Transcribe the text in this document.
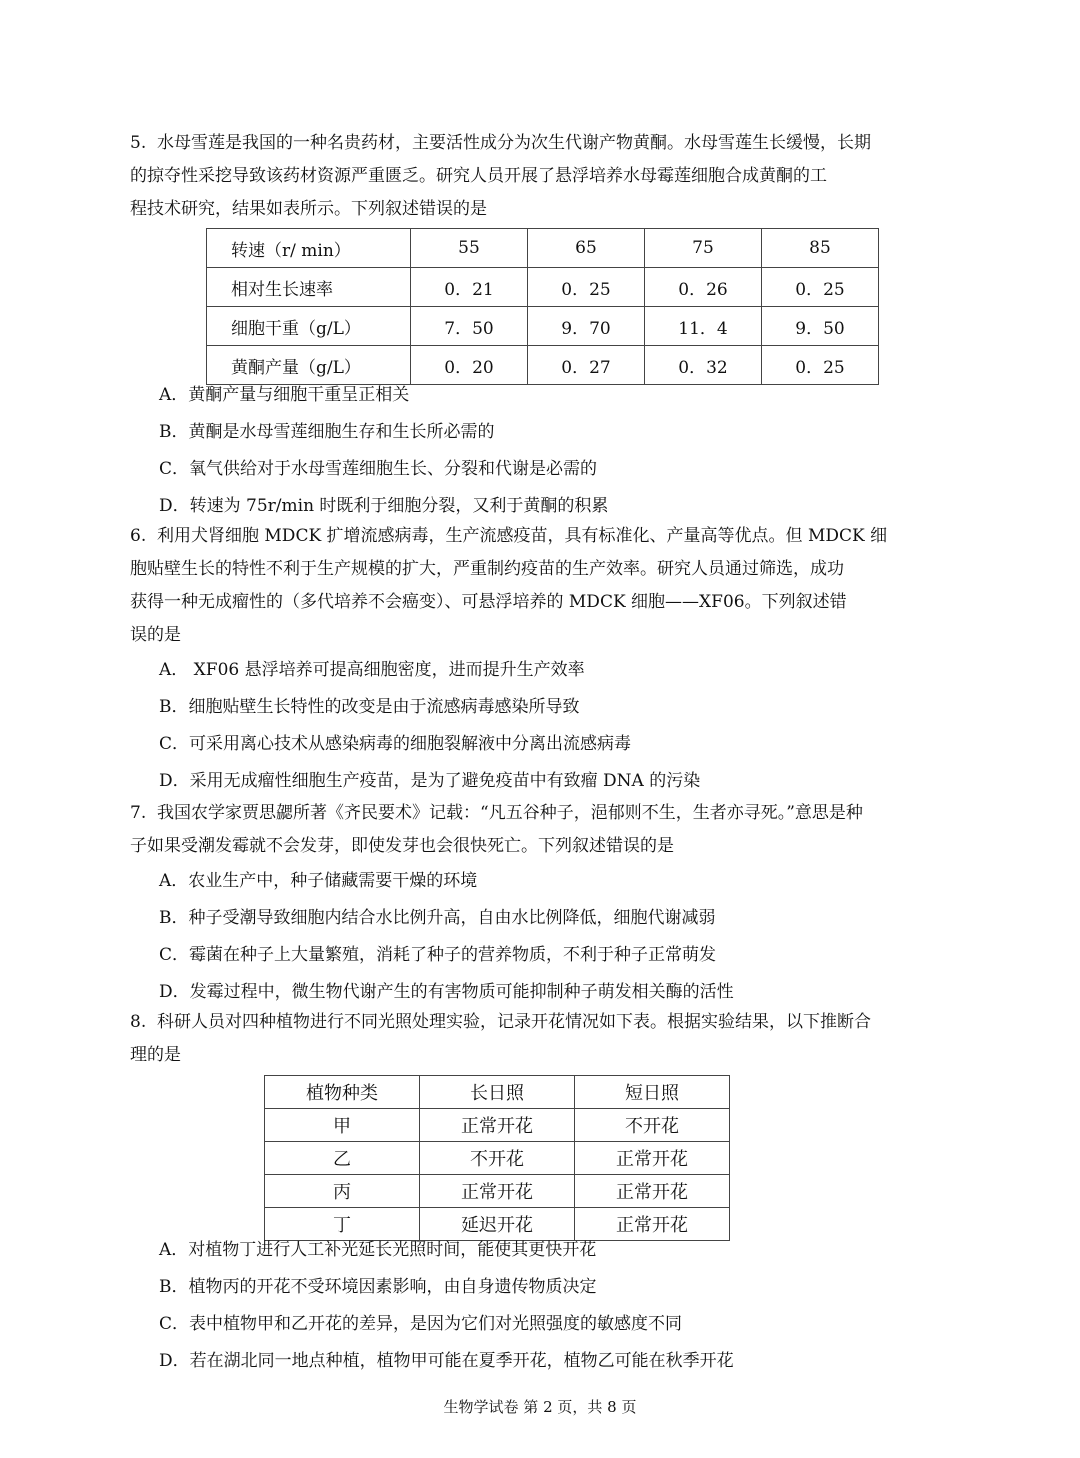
5. 水母雪莲是我国的一种名贵药材，主要活性成分为次生代谢产物黄酮。水母雪莲生长缓慢，长期
的掠夺性采挖导致该药材资源严重匮乏。研究人员开展了悬浮培养水母霉莲细胞合成黄酮的工
程技术研究，结果如表所示。下列叙述错误的是
转速（r/ min）	55	65	75	85
相对生长速率	0．21	0．25	0．26	0．25
细胞干重（g/L）	7．50	9．70	11．4	9．50
黄酮产量（g/L）	0．20	0．27	0．32	0．25
A．黄酮产量与细胞干重呈正相关
B．黄酮是水母雪莲细胞生存和生长所必需的
C．氧气供给对于水母雪莲细胞生长、分裂和代谢是必需的
D．转速为 75r/min 时既利于细胞分裂，又利于黄酮的积累
6. 利用犬肾细胞 MDCK 扩增流感病毒，生产流感疫苗，具有标准化、产量高等优点。但 MDCK 细
胞贴壁生长的特性不利于生产规模的扩大，严重制约疫苗的生产效率。研究人员通过筛选，成功
获得一种无成瘤性的（多代培养不会癌变）、可悬浮培养的 MDCK 细胞——XF06。下列叙述错
误的是
A． XF06 悬浮培养可提高细胞密度，进而提升生产效率
B．细胞贴壁生长特性的改变是由于流感病毒感染所导致
C．可采用离心技术从感染病毒的细胞裂解液中分离出流感病毒
D．采用无成瘤性细胞生产疫苗，是为了避免疫苗中有致瘤 DNA 的污染
7. 我国农学家贾思勰所著《齐民要术》记载：“凡五谷种子，浥郁则不生，生者亦寻死。”意思是种
子如果受潮发霉就不会发芽，即使发芽也会很快死亡。下列叙述错误的是
A．农业生产中，种子储藏需要干燥的环境
B．种子受潮导致细胞内结合水比例升高，自由水比例降低，细胞代谢减弱
C．霉菌在种子上大量繁殖，消耗了种子的营养物质，不利于种子正常萌发
D．发霉过程中，微生物代谢产生的有害物质可能抑制种子萌发相关酶的活性
8. 科研人员对四种植物进行不同光照处理实验，记录开花情况如下表。根据实验结果，以下推断合
理的是
植物种类	长日照	短日照
甲	正常开花	不开花
乙	不开花	正常开花
丙	正常开花	正常开花
丁	延迟开花	正常开花
A．对植物丁进行人工补光延长光照时间，能使其更快开花
B．植物丙的开花不受环境因素影响，由自身遗传物质决定
C．表中植物甲和乙开花的差异，是因为它们对光照强度的敏感度不同
D．若在湖北同一地点种植，植物甲可能在夏季开花，植物乙可能在秋季开花
生物学试卷 第 2 页，共 8 页
